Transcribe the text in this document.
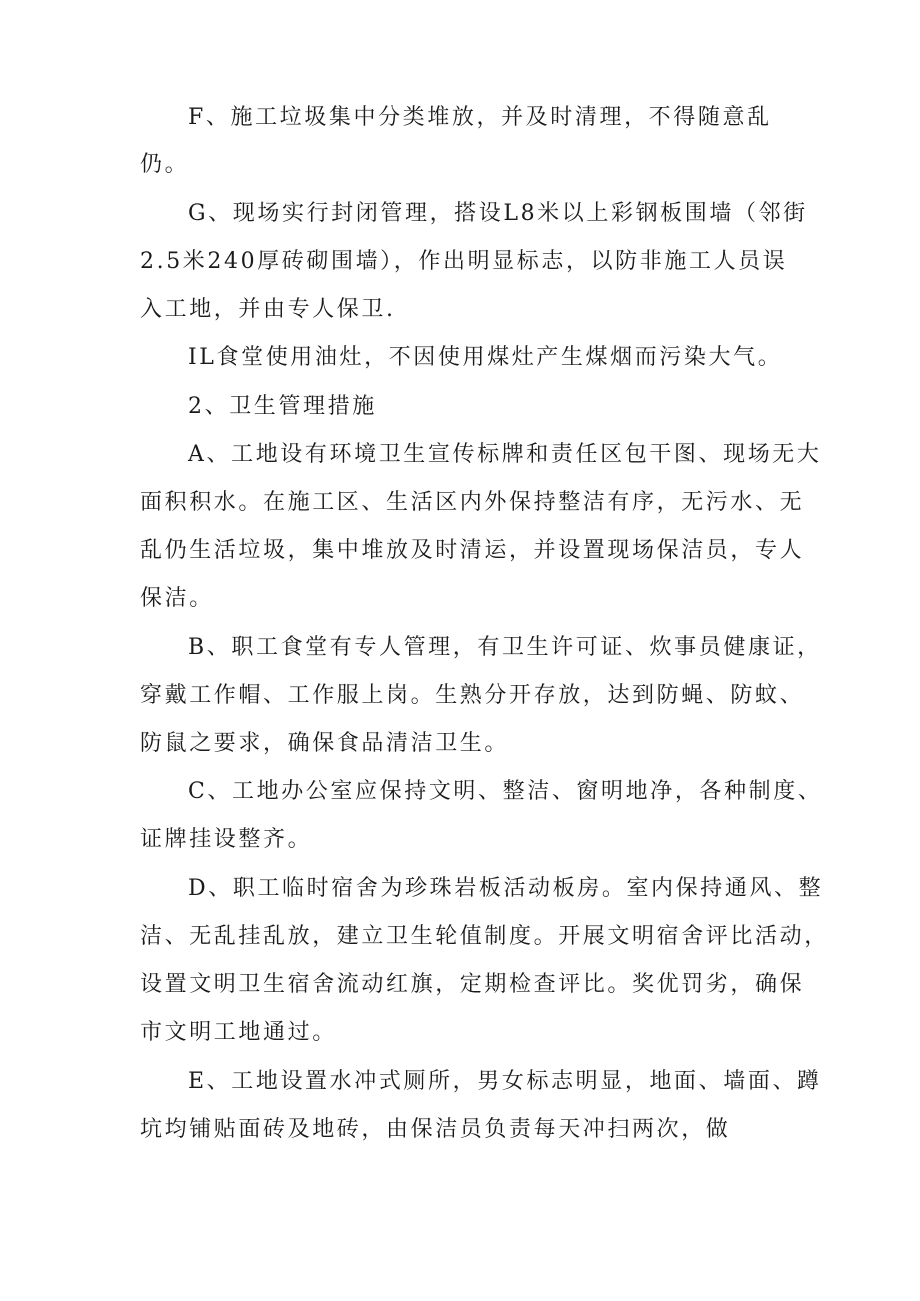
F、施工垃圾集中分类堆放，并及时清理，不得随意乱
仍。
G、现场实行封闭管理，搭设L8米以上彩钢板围墙（邻街
2.5米240厚砖砌围墙），作出明显标志，以防非施工人员误
入工地，并由专人保卫.
IL食堂使用油灶，不因使用煤灶产生煤烟而污染大气。
2、卫生管理措施
A、工地设有环境卫生宣传标牌和责任区包干图、现场无大
面积积水。在施工区、生活区内外保持整洁有序，无污水、无
乱仍生活垃圾，集中堆放及时清运，并设置现场保洁员，专人
保洁。
B、职工食堂有专人管理，有卫生许可证、炊事员健康证，
穿戴工作帽、工作服上岗。生熟分开存放，达到防蝇、防蚊、
防鼠之要求，确保食品清洁卫生。
C、工地办公室应保持文明、整洁、窗明地净，各种制度、
证牌挂设整齐。
D、职工临时宿舍为珍珠岩板活动板房。室内保持通风、整
洁、无乱挂乱放，建立卫生轮值制度。开展文明宿舍评比活动，
设置文明卫生宿舍流动红旗，定期检查评比。奖优罚劣，确保
市文明工地通过。
E、工地设置水冲式厕所，男女标志明显，地面、墙面、蹲
坑均铺贴面砖及地砖，由保洁员负责每天冲扫两次，做
